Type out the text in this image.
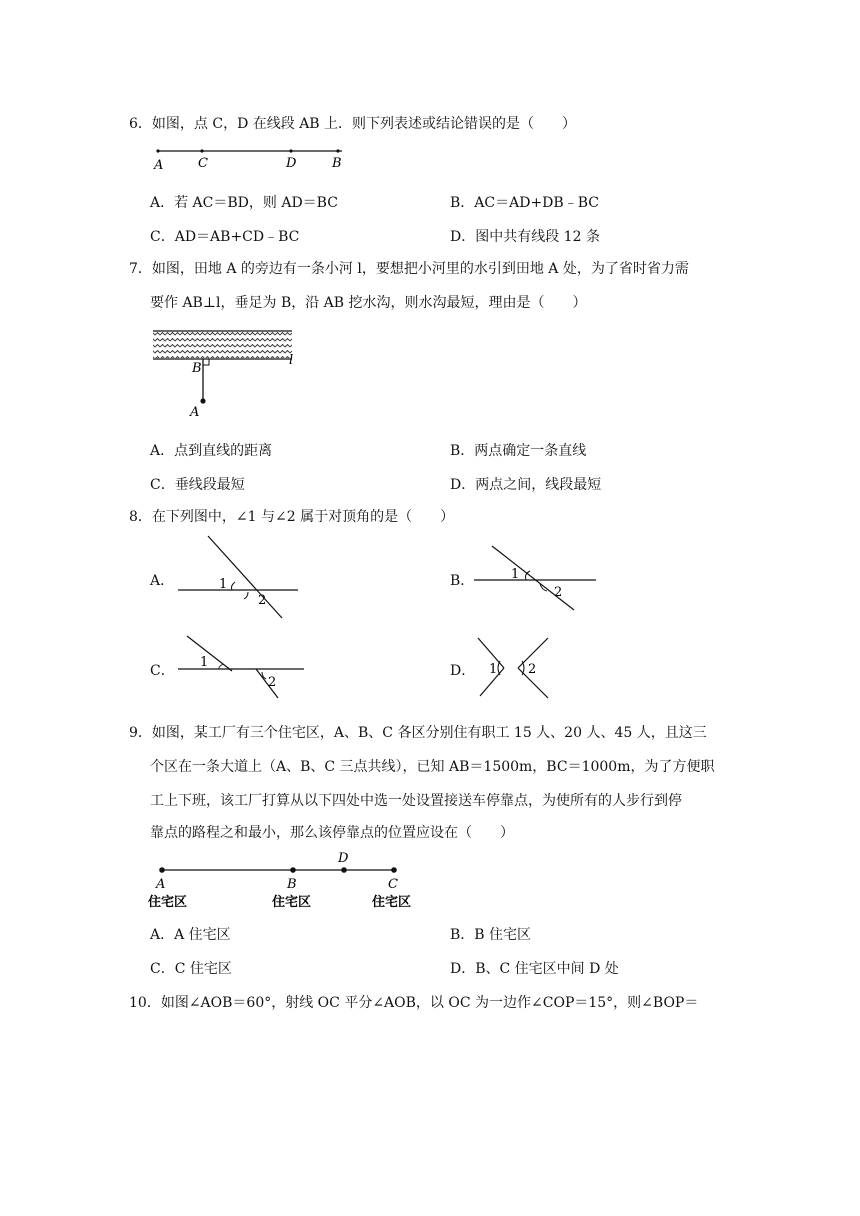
6．如图，点 C，D 在线段 AB 上．则下列表述或结论错误的是（　　）
A	C	D	B
A．若 AC＝BD，则 AD＝BC	B．AC＝AD+DB﹣BC
C．AD＝AB+CD﹣BC	D．图中共有线段 12 条
7．如图，田地 A 的旁边有一条小河 l，要想把小河里的水引到田地 A 处，为了省时省力需
要作 AB⊥l，垂足为 B，沿 AB 挖水沟，则水沟最短，理由是（　　）
B
l
A
A．点到直线的距离	B．两点确定一条直线
C．垂线段最短	D．两点之间，线段最短
8．在下列图中，∠1 与∠2 属于对顶角的是（　　）
A．	1
2
B．	1
2
C．
1
2
D． 1 2
9．如图，某工厂有三个住宅区，A、B、C 各区分别住有职工 15 人、20 人、45 人，且这三
个区在一条大道上（A、B、C 三点共线），已知 AB＝1500m，BC＝1000m，为了方便职
工上下班，该工厂打算从以下四处中选一处设置接送车停靠点，为使所有的人步行到停
靠点的路程之和最小，那么该停靠点的位置应设在（　　）
A	B	C
D
住宅区	住宅区	住宅区
A．A 住宅区	B．B 住宅区
C．C 住宅区	D．B、C 住宅区中间 D 处
10．如图∠AOB＝60°，射线 OC 平分∠AOB，以 OC 为一边作∠COP＝15°，则∠BOP＝
